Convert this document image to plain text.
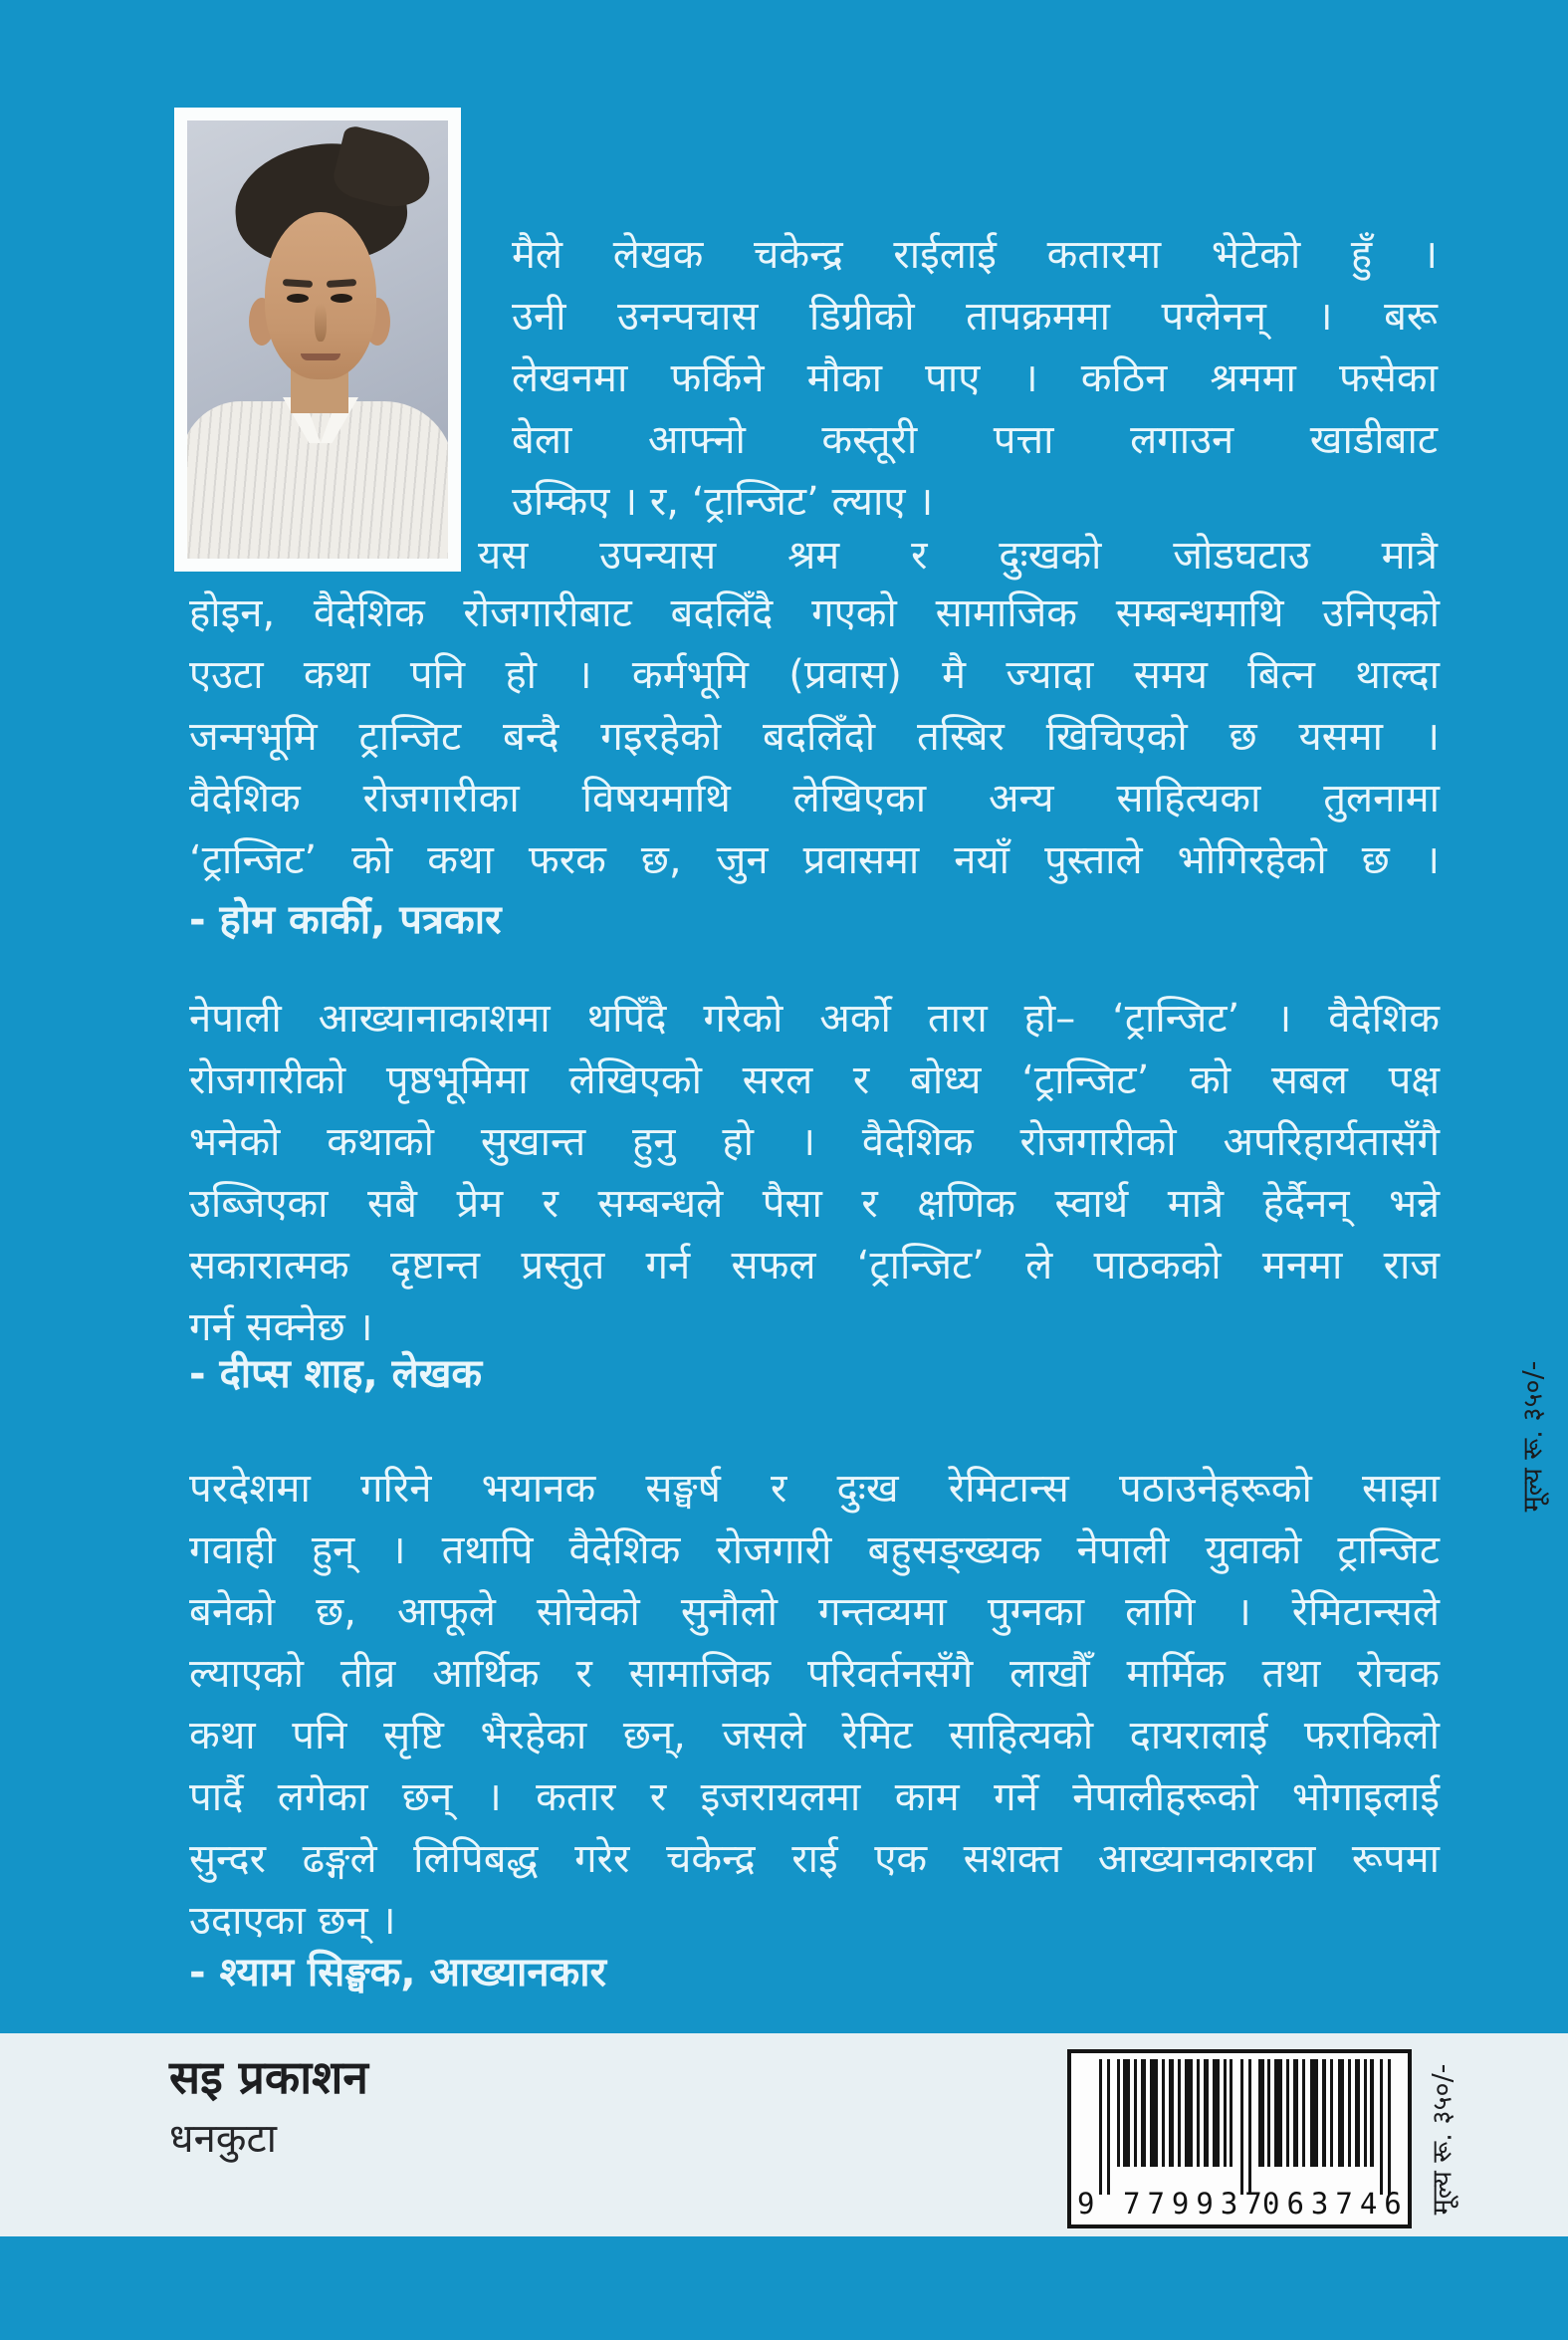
मैले लेखक चकेन्द्र राईलाई कतारमा भेटेको हुँ ।
उनी उनन्पचास डिग्रीको तापक्रममा पग्लेनन् । बरू
लेखनमा फर्किने मौका पाए । कठिन श्रममा फसेका
बेला आफ्नो कस्तूरी पत्ता लगाउन खाडीबाट
उम्किए । र, ‘ट्रान्जिट’ ल्याए ।
यस उपन्यास श्रम र दुःखको जोडघटाउ मात्रै
होइन, वैदेशिक रोजगारीबाट बदलिँदै गएको सामाजिक सम्बन्धमाथि उनिएको
एउटा कथा पनि हो । कर्मभूमि (प्रवास) मै ज्यादा समय बित्न थाल्दा
जन्मभूमि ट्रान्जिट बन्दै गइरहेको बदलिँदो तस्बिर खिचिएको छ यसमा ।
वैदेशिक रोजगारीका विषयमाथि लेखिएका अन्य साहित्यका तुलनामा
‘ट्रान्जिट’ को कथा फरक छ, जुन प्रवासमा नयाँ पुस्ताले भोगिरहेको छ ।
- होम कार्की, पत्रकार
नेपाली आख्यानाकाशमा थपिँदै गरेको अर्को तारा हो– ‘ट्रान्जिट’ । वैदेशिक
रोजगारीको पृष्ठभूमिमा लेखिएको सरल र बोध्य ‘ट्रान्जिट’ को सबल पक्ष
भनेको कथाको सुखान्त हुनु हो । वैदेशिक रोजगारीको अपरिहार्यतासँगै
उब्जिएका सबै प्रेम र सम्बन्धले पैसा र क्षणिक स्वार्थ मात्रै हेर्दैनन् भन्ने
सकारात्मक दृष्टान्त प्रस्तुत गर्न सफल ‘ट्रान्जिट’ ले पाठकको मनमा राज
गर्न सक्नेछ ।
- दीप्स शाह, लेखक
परदेशमा गरिने भयानक सङ्घर्ष र दुःख रेमिटान्स पठाउनेहरूको साझा
गवाही हुन् । तथापि वैदेशिक रोजगारी बहुसङ्ख्यक नेपाली युवाको ट्रान्जिट
बनेको छ, आफूले सोचेको सुनौलो गन्तव्यमा पुग्नका लागि । रेमिटान्सले
ल्याएको तीव्र आर्थिक र सामाजिक परिवर्तनसँगै लाखौँ मार्मिक तथा रोचक
कथा पनि सृष्टि भैरहेका छन्, जसले रेमिट साहित्यको दायरालाई फराकिलो
पार्दै लगेका छन् । कतार र इजरायलमा काम गर्ने नेपालीहरूको भोगाइलाई
सुन्दर ढङ्गले लिपिबद्ध गरेर चकेन्द्र राई एक सशक्त आख्यानकारका रूपमा
उदाएका छन् ।
- श्याम सिङ्घक, आख्यानकार
मूल्य रू. ३५०/-
सइ प्रकाशन
धनकुटा
9 779937
063746 मूल्य रू. ३५०/-
